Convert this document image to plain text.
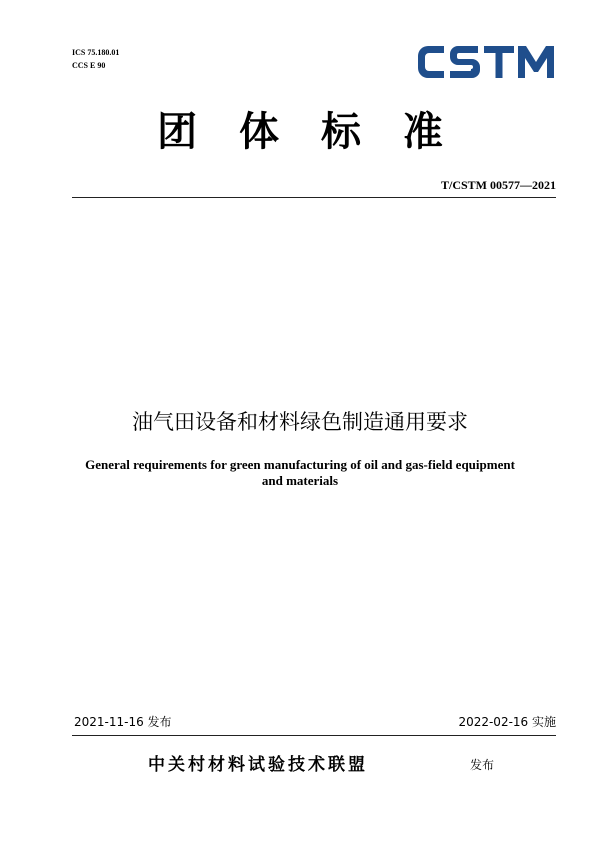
ICS 75.180.01
CCS E 90
CSTM
团 体 标 准
T/CSTM 00577—2021
油气田设备和材料绿色制造通用要求
General requirements for green manufacturing of oil and gas-field equipment
and materials
2021-11-16 发布	2022-02-16 实施
中关村材料试验技术联盟	发布
